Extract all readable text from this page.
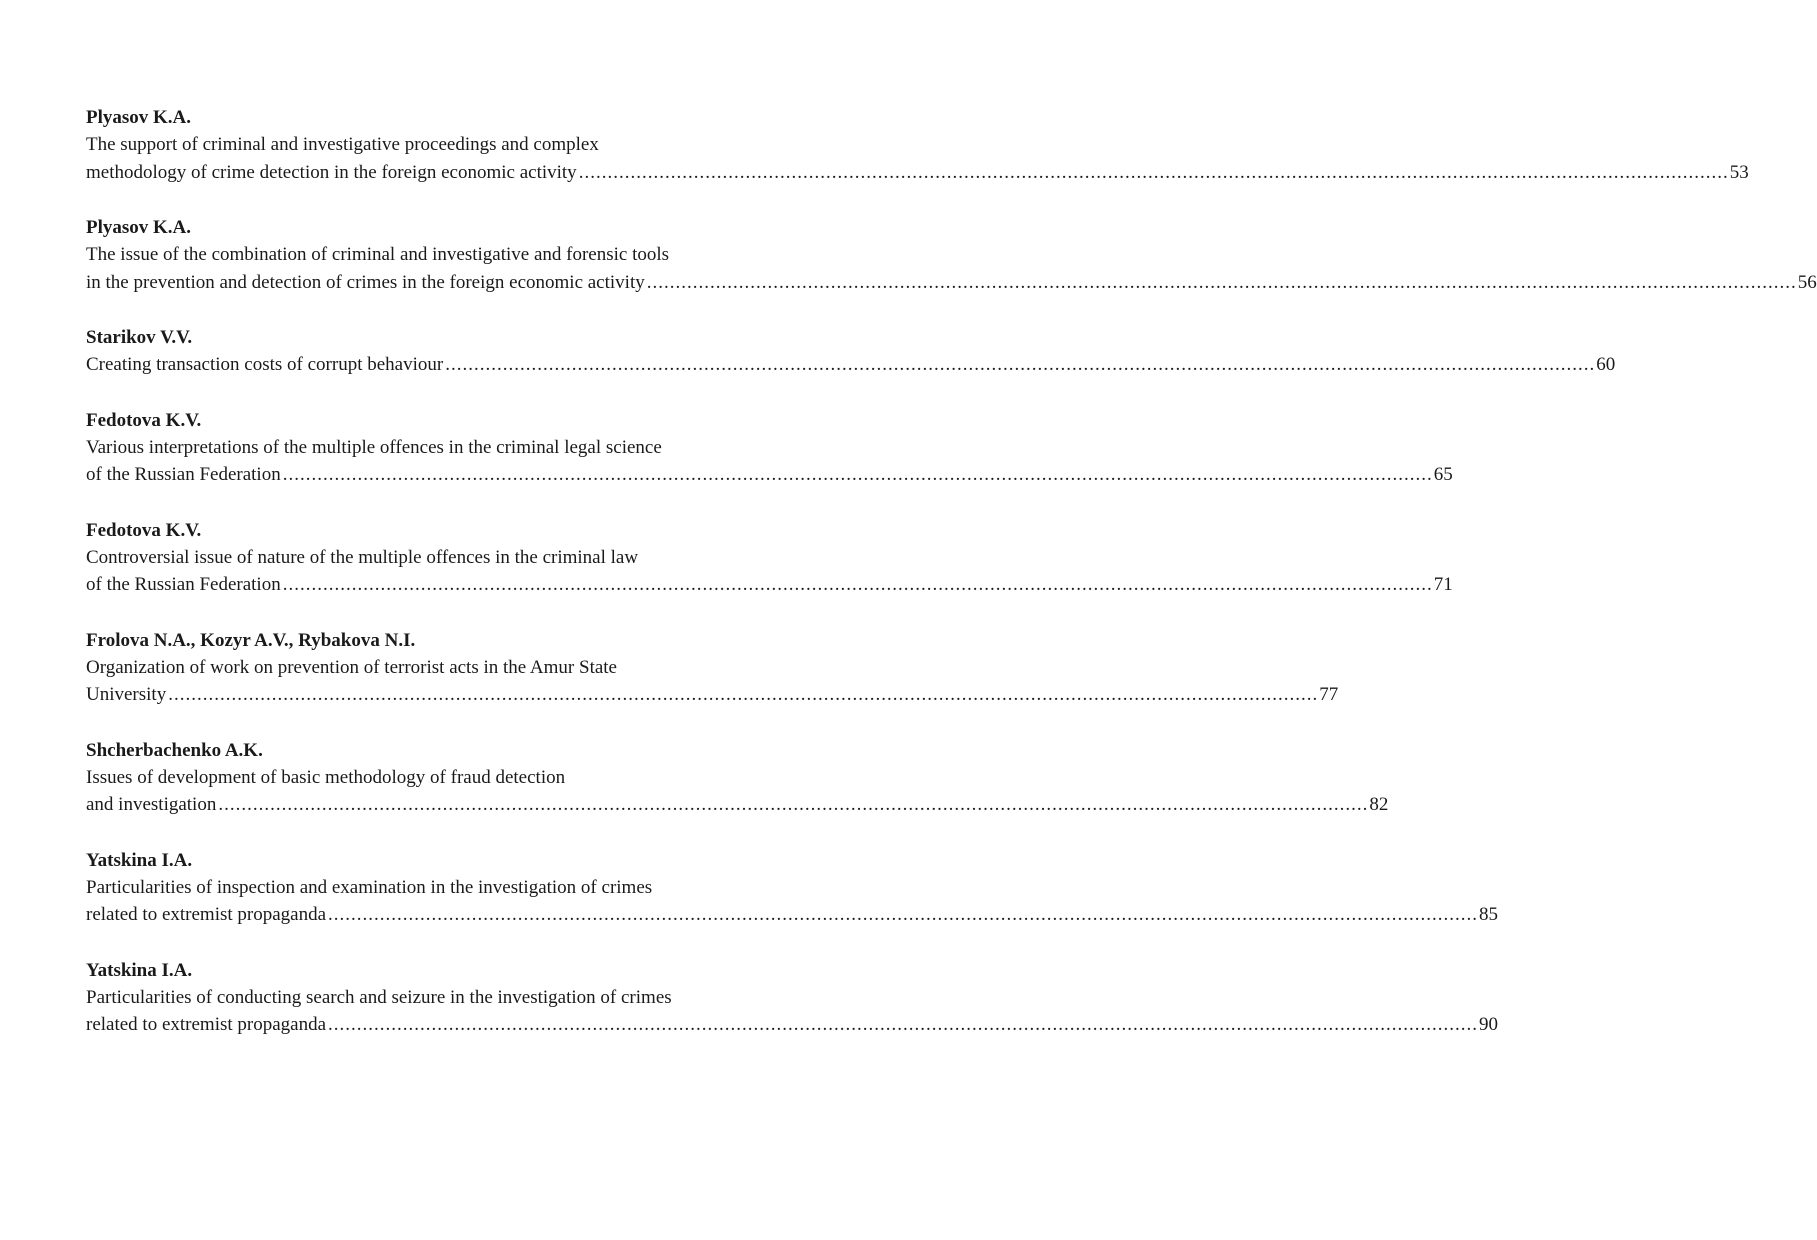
Plyasov K.A.
The support of criminal and investigative proceedings and complex
methodology of crime detection in the foreign economic activity ........................................................................................................................................................................................................ 53
Plyasov K.A.
The issue of the combination of criminal and investigative and forensic tools
in the prevention and detection of crimes in the foreign economic activity ........................................................................................................................................................................................................ 56
Starikov V.V.
Creating transaction costs of corrupt behaviour ........................................................................................................................................................................................................ 60
Fedotova K.V.
Various interpretations of the multiple offences in the criminal legal science
of the Russian Federation ........................................................................................................................................................................................................ 65
Fedotova K.V.
Controversial issue of nature of the multiple offences in the criminal law
of the Russian Federation ........................................................................................................................................................................................................ 71
Frolova N.A., Kozyr A.V., Rybakova N.I.
Organization of work on prevention of terrorist acts in the Amur State
University ........................................................................................................................................................................................................ 77
Shcherbachenko A.K.
Issues of development of basic methodology of fraud detection
and investigation ........................................................................................................................................................................................................ 82
Yatskina I.A.
Particularities of inspection and examination in the investigation of crimes
related to extremist propaganda ........................................................................................................................................................................................................ 85
Yatskina I.A.
Particularities of conducting search and seizure in the investigation of crimes
related to extremist propaganda ........................................................................................................................................................................................................ 90
